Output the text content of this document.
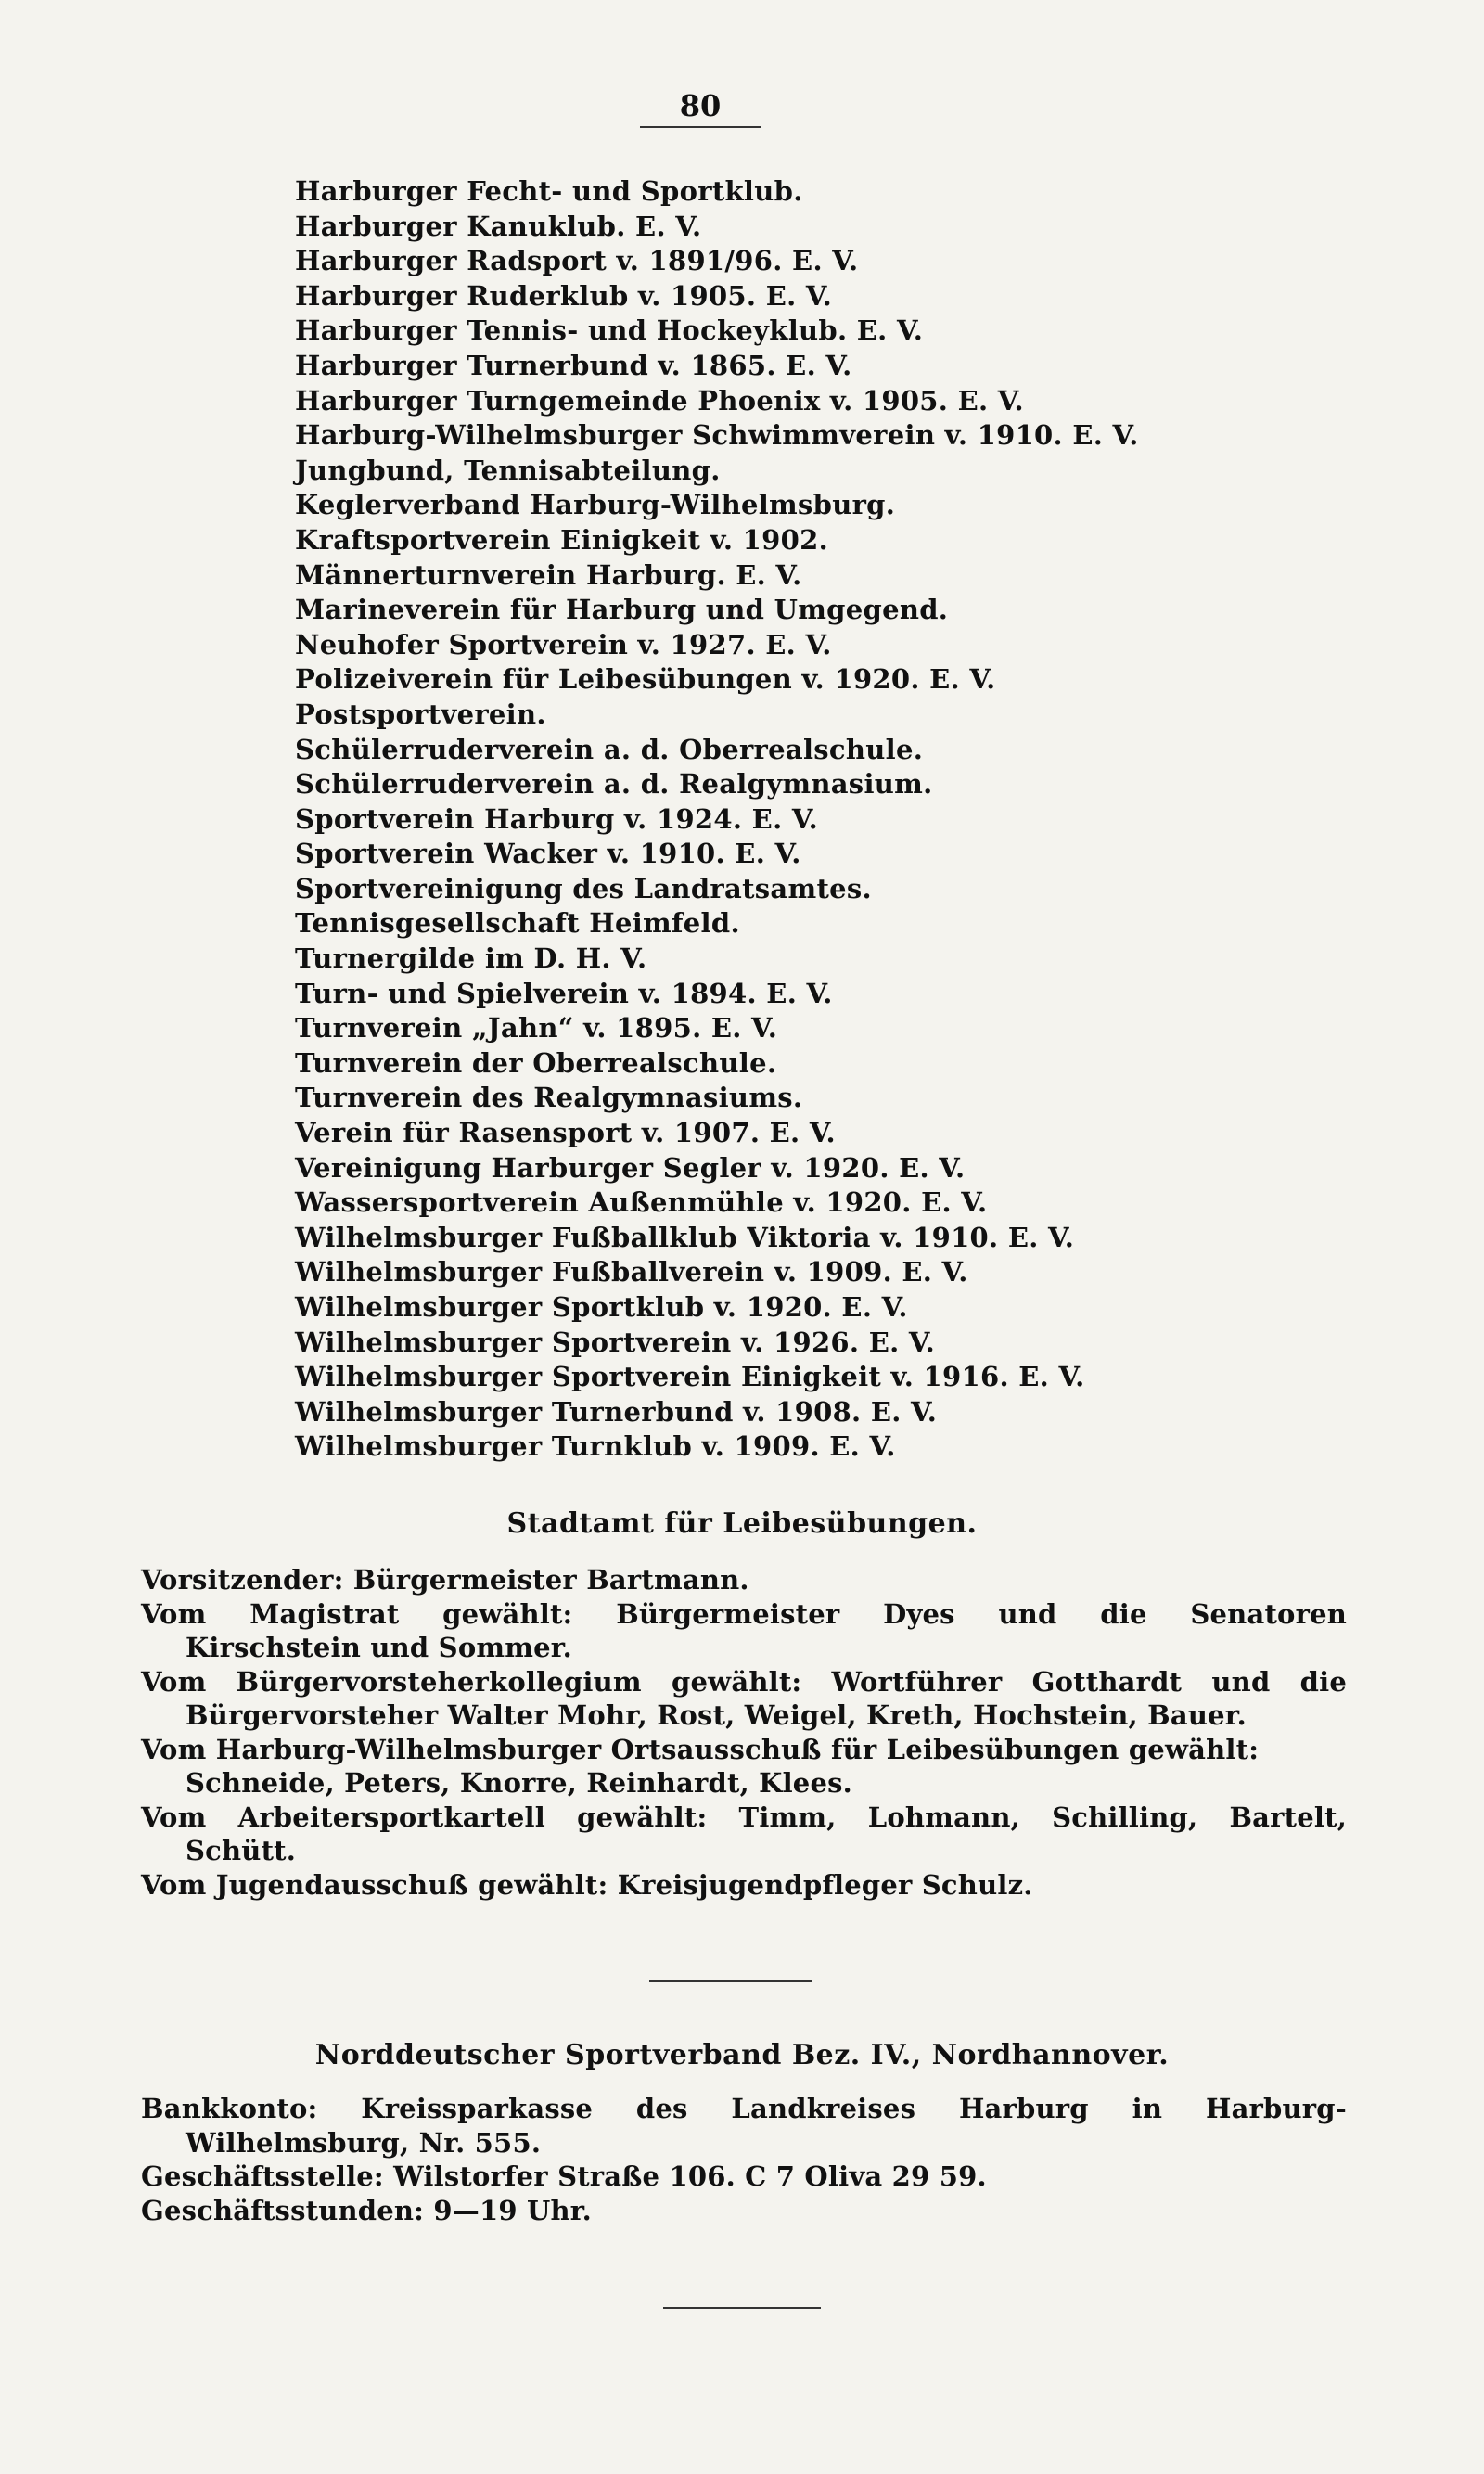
80
Harburger Fecht- und Sportklub.
Harburger Kanuklub. E. V.
Harburger Radsport v. 1891/96. E. V.
Harburger Ruderklub v. 1905. E. V.
Harburger Tennis- und Hockeyklub. E. V.
Harburger Turnerbund v. 1865. E. V.
Harburger Turngemeinde Phoenix v. 1905. E. V.
Harburg-Wilhelmsburger Schwimmverein v. 1910. E. V.
Jungbund, Tennisabteilung.
Keglerverband Harburg-Wilhelmsburg.
Kraftsportverein Einigkeit v. 1902.
Männerturnverein Harburg. E. V.
Marineverein für Harburg und Umgegend.
Neuhofer Sportverein v. 1927. E. V.
Polizeiverein für Leibesübungen v. 1920. E. V.
Postsportverein.
Schülerruderverein a. d. Oberrealschule.
Schülerruderverein a. d. Realgymnasium.
Sportverein Harburg v. 1924. E. V.
Sportverein Wacker v. 1910. E. V.
Sportvereinigung des Landratsamtes.
Tennisgesellschaft Heimfeld.
Turnergilde im D. H. V.
Turn- und Spielverein v. 1894. E. V.
Turnverein „Jahn“ v. 1895. E. V.
Turnverein der Oberrealschule.
Turnverein des Realgymnasiums.
Verein für Rasensport v. 1907. E. V.
Vereinigung Harburger Segler v. 1920. E. V.
Wassersportverein Außenmühle v. 1920. E. V.
Wilhelmsburger Fußballklub Viktoria v. 1910. E. V.
Wilhelmsburger Fußballverein v. 1909. E. V.
Wilhelmsburger Sportklub v. 1920. E. V.
Wilhelmsburger Sportverein v. 1926. E. V.
Wilhelmsburger Sportverein Einigkeit v. 1916. E. V.
Wilhelmsburger Turnerbund v. 1908. E. V.
Wilhelmsburger Turnklub v. 1909. E. V.
Stadtamt für Leibesübungen.
Vorsitzender: Bürgermeister Bartmann.
Vom Magistrat gewählt: Bürgermeister Dyes und die Senatoren
Kirschstein und Sommer.
Vom Bürgervorsteherkollegium gewählt: Wortführer Gotthardt und die
Bürgervorsteher Walter Mohr, Rost, Weigel, Kreth, Hochstein, Bauer.
Vom Harburg-Wilhelmsburger Ortsausschuß für Leibesübungen gewählt:
Schneide, Peters, Knorre, Reinhardt, Klees.
Vom Arbeitersportkartell gewählt: Timm, Lohmann, Schilling, Bartelt,
Schütt.
Vom Jugendausschuß gewählt: Kreisjugendpfleger Schulz.
Norddeutscher Sportverband Bez. IV., Nordhannover.
Bankkonto: Kreissparkasse des Landkreises Harburg in Harburg-
Wilhelmsburg, Nr. 555.
Geschäftsstelle: Wilstorfer Straße 106. C 7 Oliva 29 59.
Geschäftsstunden: 9—19 Uhr.
